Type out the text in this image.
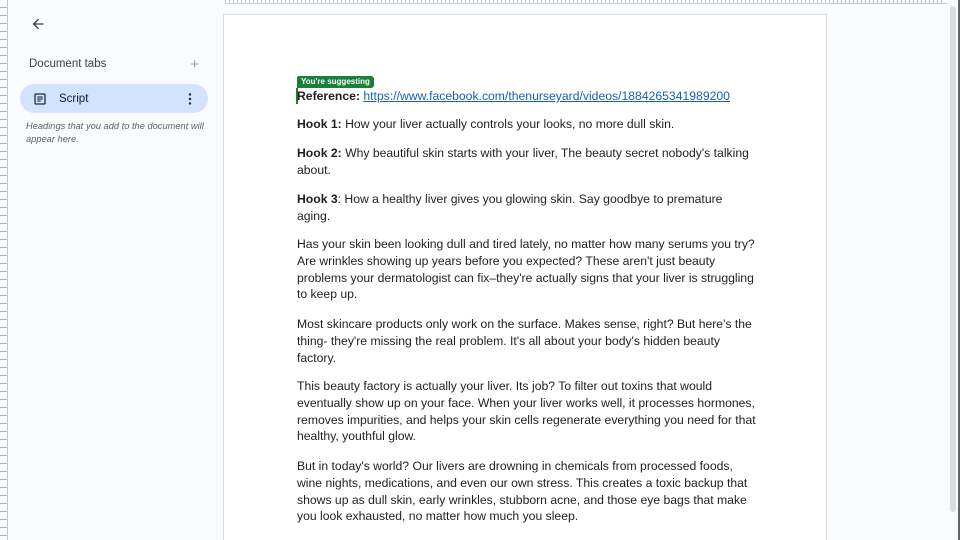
Document tabs	+
Script
Headings that you add to the document will appear here.
You're suggesting
Reference: https://www.facebook.com/thenurseyard/videos/1884265341989200

Hook 1: How your liver actually controls your looks, no more dull skin.

Hook 2: Why beautiful skin starts with your liver, The beauty secret nobody's talking about.

Hook 3: How a healthy liver gives you glowing skin. Say goodbye to premature aging.

Has your skin been looking dull and tired lately, no matter how many serums you try? Are wrinkles showing up years before you expected? These aren't just beauty problems your dermatologist can fix–they're actually signs that your liver is struggling to keep up.

Most skincare products only work on the surface. Makes sense, right? But here's the thing- they're missing the real problem. It's all about your body's hidden beauty factory.

This beauty factory is actually your liver. Its job? To filter out toxins that would eventually show up on your face. When your liver works well, it processes hormones, removes impurities, and helps your skin cells regenerate everything you need for that healthy, youthful glow.

But in today's world? Our livers are drowning in chemicals from processed foods, wine nights, medications, and even our own stress. This creates a toxic backup that shows up as dull skin, early wrinkles, stubborn acne, and those eye bags that make you look exhausted, no matter how much you sleep.
